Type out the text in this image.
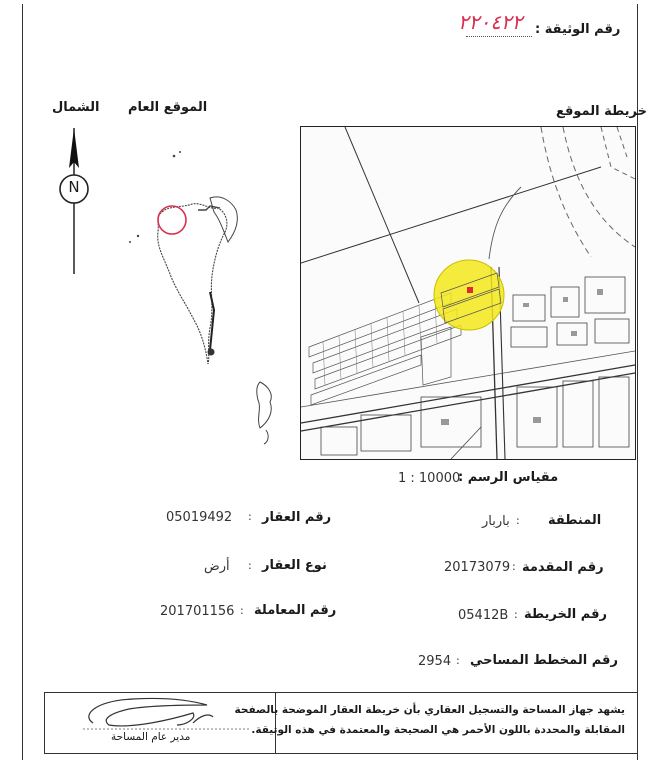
رقم الوثيقة :
٢٢٠٤٢٢
خريطة الموقع
الموقع العام
الشمال
N
مقياس الرسم :
1 : 10000
المنطقة
باربار :
رقم المقدمة
20173079 :
رقم الخريطة
05412B :
رقم المخطط المساحي
2954 :
رقم العقار
05019492 :
نوع العقار
أرض :
رقم المعاملة
201701156 :
يشهد جهاز المساحة والتسجيل العقاري بأن خريطة العقار الموضحة بالصفحة
المقابلة والمحددة باللون الأحمر هي الصحيحة والمعتمدة في هذه الوثيقة.
مدير عام المساحة
